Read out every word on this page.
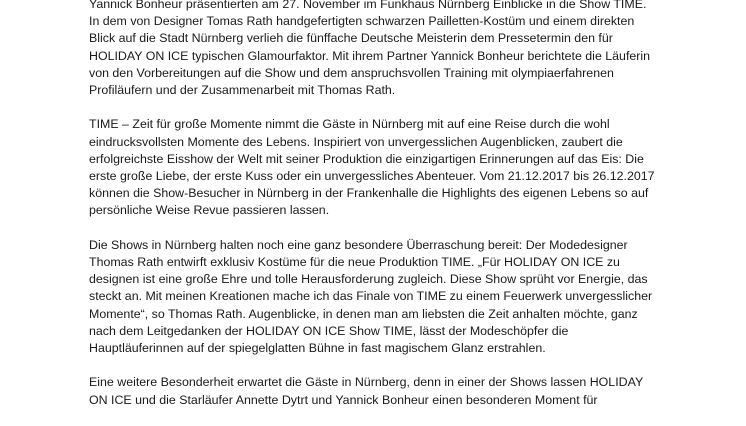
Yannick Bonheur präsentierten am 27. November im Funkhaus Nürnberg Einblicke in die Show TIME.
In dem von Designer Tomas Rath handgefertigten schwarzen Pailletten-Kostüm und einem direkten
Blick auf die Stadt Nürnberg verlieh die fünffache Deutsche Meisterin dem Pressetermin den für
HOLIDAY ON ICE typischen Glamourfaktor. Mit ihrem Partner Yannick Bonheur berichtete die Läuferin
von den Vorbereitungen auf die Show und dem anspruchsvollen Training mit olympiaerfahrenen
Profiläufern und der Zusammenarbeit mit Thomas Rath.

TIME – Zeit für große Momente nimmt die Gäste in Nürnberg mit auf eine Reise durch die wohl
eindrucksvollsten Momente des Lebens. Inspiriert von unvergesslichen Augenblicken, zaubert die
erfolgreichste Eisshow der Welt mit seiner Produktion die einzigartigen Erinnerungen auf das Eis: Die
erste große Liebe, der erste Kuss oder ein unvergessliches Abenteuer. Vom 21.12.2017 bis 26.12.2017
können die Show-Besucher in Nürnberg in der Frankenhalle die Highlights des eigenen Lebens so auf
persönliche Weise Revue passieren lassen.

Die Shows in Nürnberg halten noch eine ganz besondere Überraschung bereit: Der Modedesigner
Thomas Rath entwirft exklusiv Kostüme für die neue Produktion TIME. „Für HOLIDAY ON ICE zu
designen ist eine große Ehre und tolle Herausforderung zugleich. Diese Show sprüht vor Energie, das
steckt an. Mit meinen Kreationen mache ich das Finale von TIME zu einem Feuerwerk unvergesslicher
Momente“, so Thomas Rath. Augenblicke, in denen man am liebsten die Zeit anhalten möchte, ganz
nach dem Leitgedanken der HOLIDAY ON ICE Show TIME, lässt der Modeschöpfer die
Hauptläuferinnen auf der spiegelglatten Bühne in fast magischem Glanz erstrahlen.

Eine weitere Besonderheit erwartet die Gäste in Nürnberg, denn in einer der Shows lassen HOLIDAY
ON ICE und die Starläufer Annette Dytrt und Yannick Bonheur einen besonderen Moment für
